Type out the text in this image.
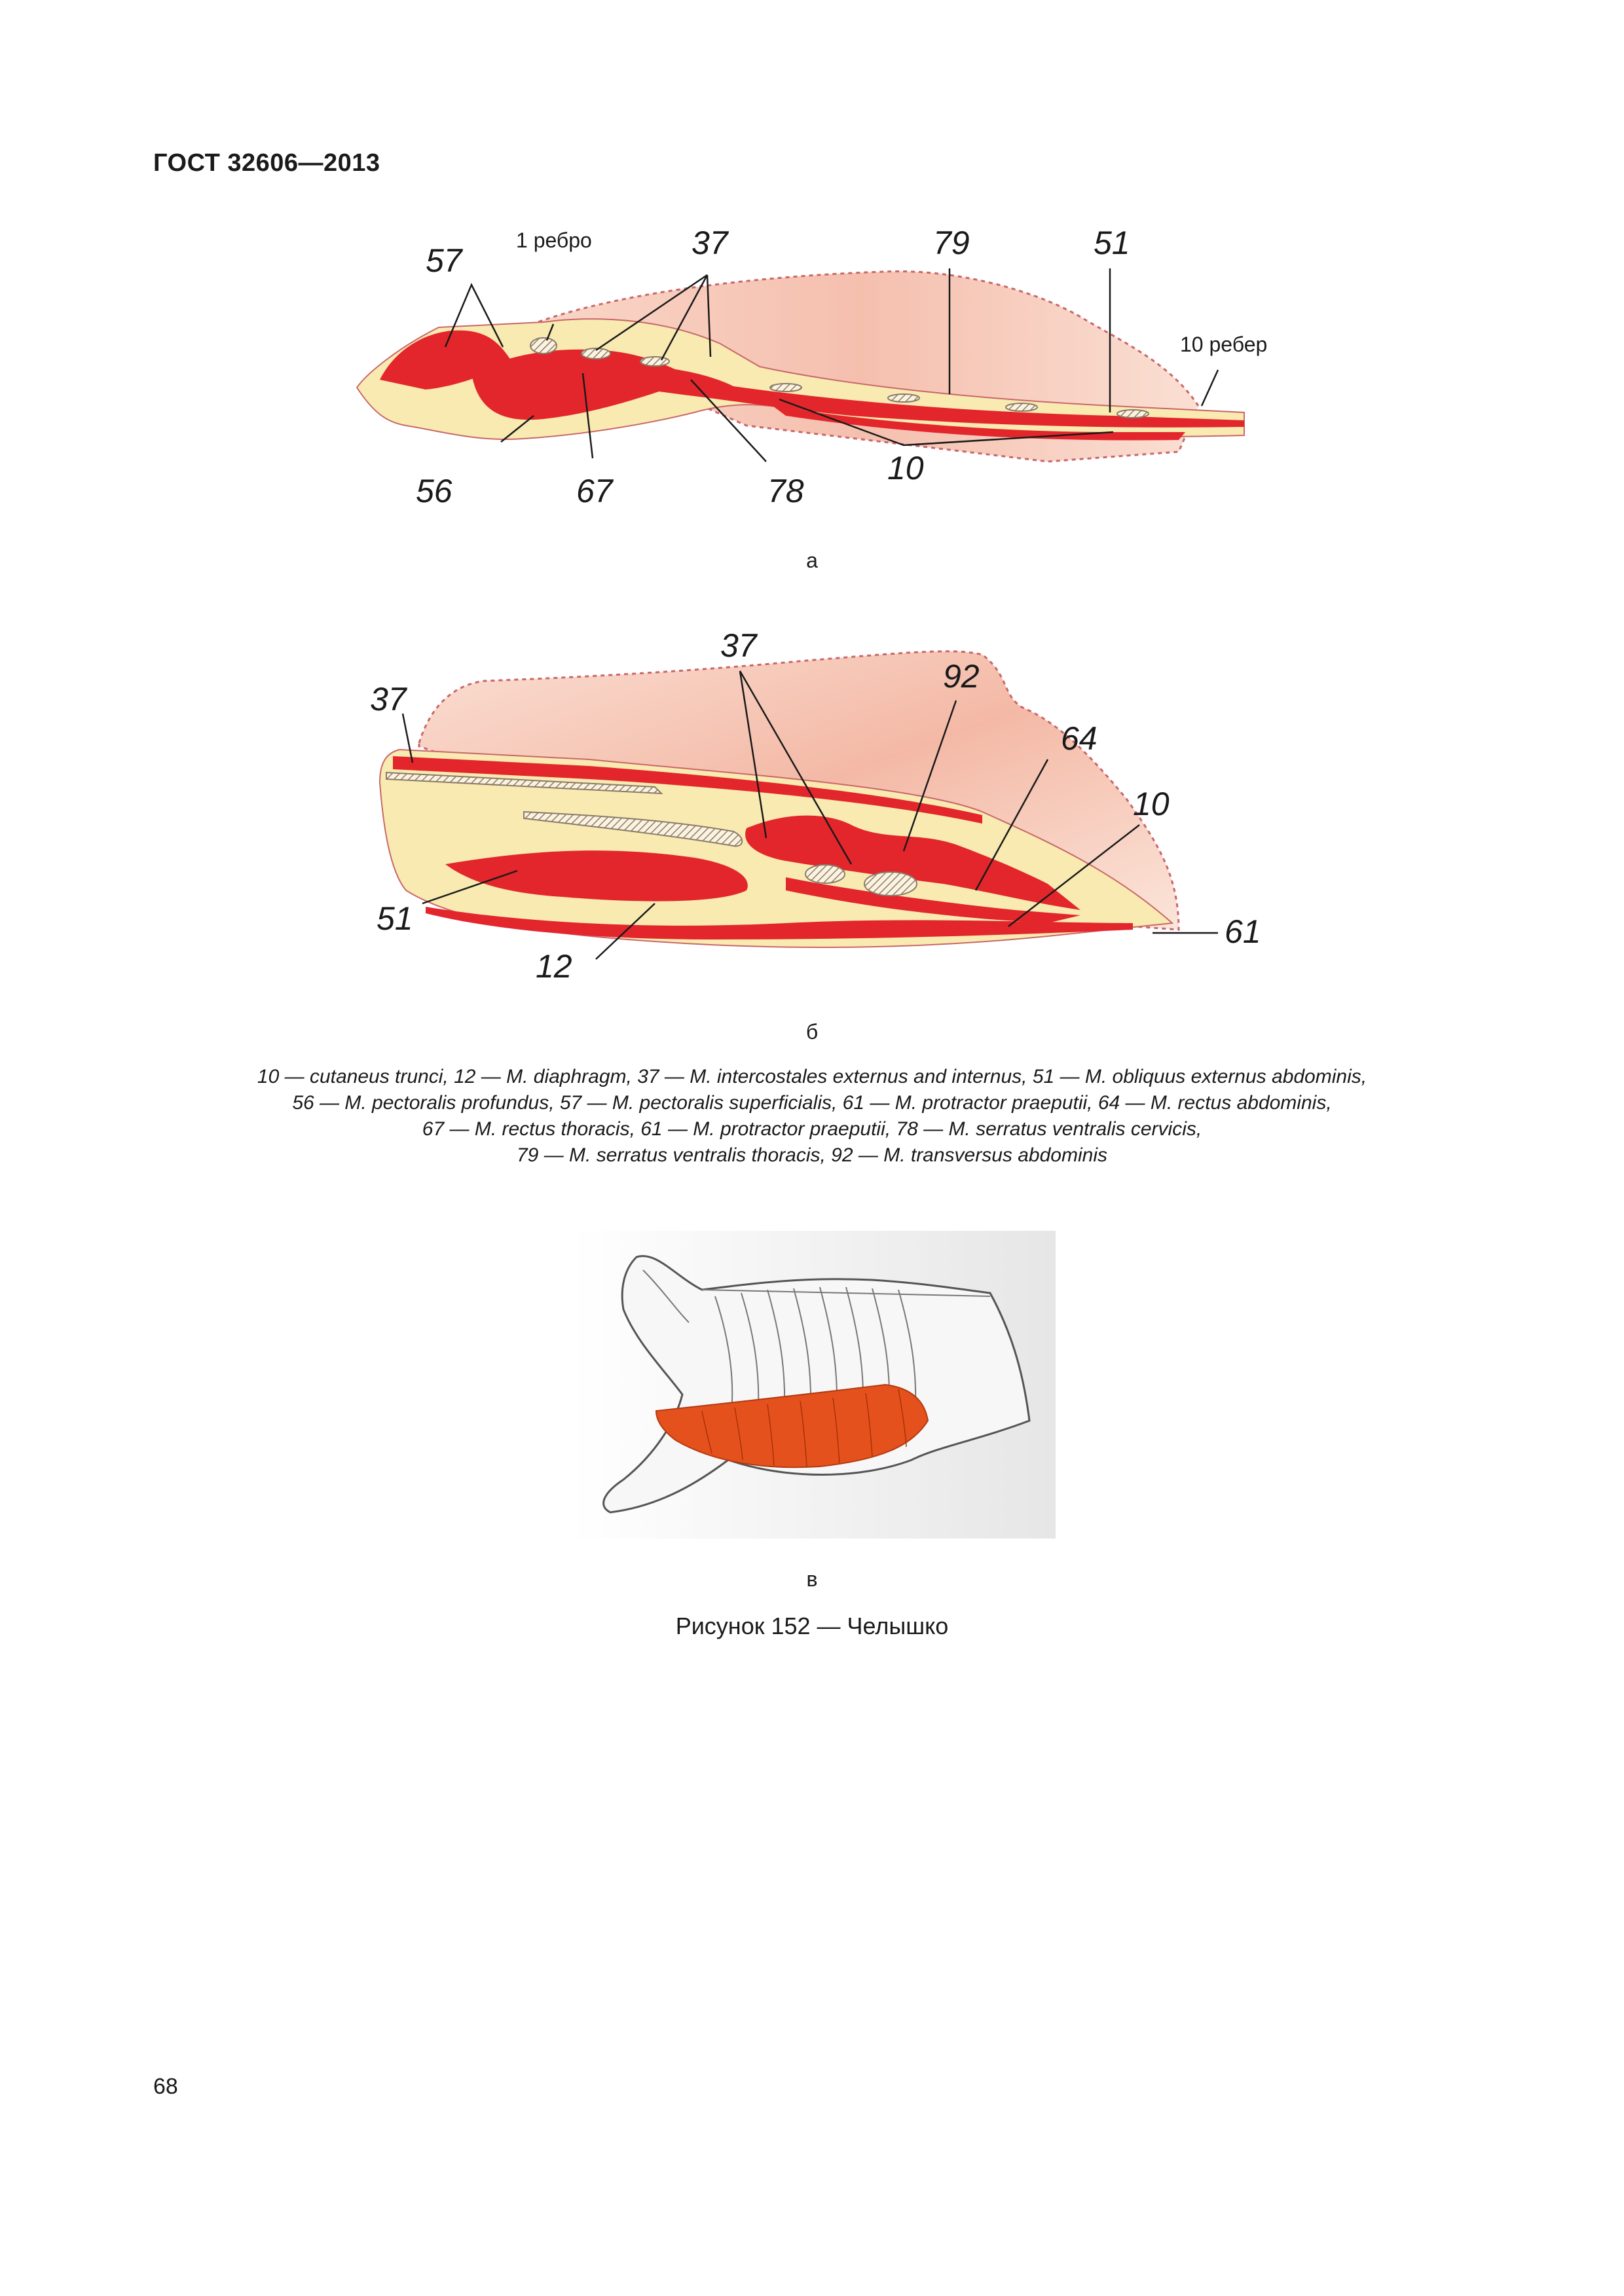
ГОСТ 32606—2013
57
1 ребро	37	79	51
10 ребер
56	67	78
10
а
37
92
37
64
10
51	61
12
б
10 — cutaneus trunci, 12 — M. diaphragm, 37 — M. intercostales externus and internus, 51 — M. obliquus externus abdominis,
56 — M. pectoralis profundus, 57 — M. pectoralis superficialis, 61 — M. protractor praeputii, 64 — M. rectus abdominis,
67 — M. rectus thoracis, 61 — M. protractor praeputii, 78 — M. serratus ventralis cervicis,
79 — M. serratus ventralis thoracis, 92 — M. transversus abdominis
в
Рисунок 152 — Челышко
68
